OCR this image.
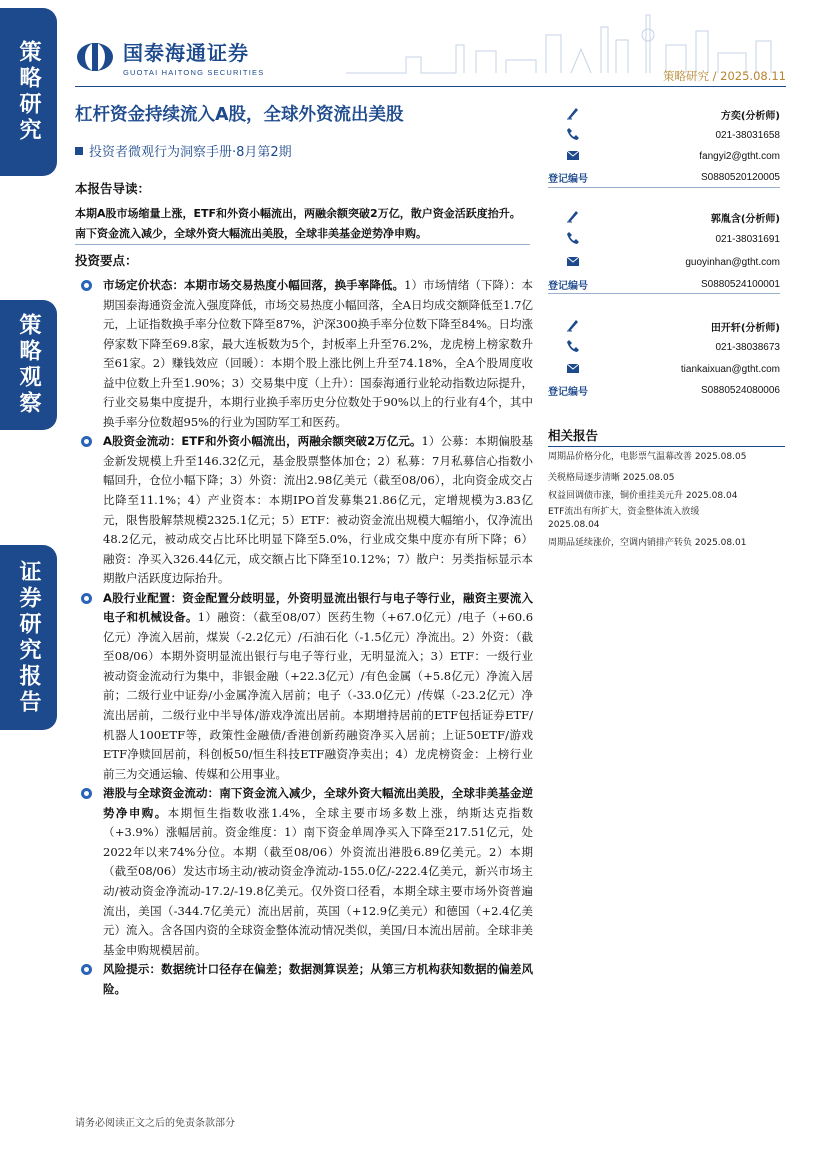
策略研究
策略观察
证券研究报告
国泰海通证券
GUOTAI HAITONG SECURITIES	策略研究 / 2025.08.11
杠杆资金持续流入A股，全球外资流出美股
投资者微观行为洞察手册·8月第2期
本报告导读：
本期A股市场缩量上涨，ETF和外资小幅流出，两融余额突破2万亿，散户资金活跃度抬升。南下资金流入减少，全球外资大幅流出美股，全球非美基金逆势净申购。
投资要点：
市场定价状态：本期市场交易热度小幅回落，换手率降低。1）市场情绪（下降）：本期国泰海通资金流入强度降低，市场交易热度小幅回落，全A日均成交额降低至1.7亿元，上证指数换手率分位数下降至87%，沪深300换手率分位数下降至84%。日均涨停家数下降至69.8家，最大连板数为5个，封板率上升至76.2%，龙虎榜上榜家数升至61家。2）赚钱效应（回暖）：本期个股上涨比例上升至74.18%，全A个股周度收益中位数上升至1.90%；3）交易集中度（上升）：国泰海通行业轮动指数边际提升，行业交易集中度提升，本期行业换手率历史分位数处于90%以上的行业有4个，其中换手率分位数超95%的行业为国防军工和医药。
A股资金流动：ETF和外资小幅流出，两融余额突破2万亿元。1）公募：本期偏股基金新发规模上升至146.32亿元，基金股票整体加仓；2）私募：7月私募信心指数小幅回升，仓位小幅下降；3）外资：流出2.98亿美元（截至08/06），北向资金成交占比降至11.1%；4）产业资本：本期IPO首发募集21.86亿元，定增规模为3.83亿元，限售股解禁规模2325.1亿元；5）ETF：被动资金流出规模大幅缩小，仅净流出48.2亿元，被动成交占比环比明显下降至5.0%，行业成交集中度亦有所下降；6）融资：净买入326.44亿元，成交额占比下降至10.12%；7）散户：另类指标显示本期散户活跃度边际抬升。
A股行业配置：资金配置分歧明显，外资明显流出银行与电子等行业，融资主要流入电子和机械设备。1）融资：（截至08/07）医药生物（+67.0亿元）/电子（+60.6亿元）净流入居前，煤炭（-2.2亿元）/石油石化（-1.5亿元）净流出。2）外资：（截至08/06）本期外资明显流出银行与电子等行业，无明显流入；3）ETF：一级行业被动资金流动行为集中，非银金融（+22.3亿元）/有色金属（+5.8亿元）净流入居前；二级行业中证券/小金属净流入居前；电子（-33.0亿元）/传媒（-23.2亿元）净流出居前，二级行业中半导体/游戏净流出居前。本期增持居前的ETF包括证券ETF/机器人100ETF等，政策性金融债/香港创新药融资净买入居前；上证50ETF/游戏ETF净赎回居前，科创板50/恒生科技ETF融资净卖出；4）龙虎榜资金：上榜行业前三为交通运输、传媒和公用事业。
港股与全球资金流动：南下资金流入减少，全球外资大幅流出美股，全球非美基金逆势净申购。本期恒生指数收涨1.4%，全球主要市场多数上涨，纳斯达克指数（+3.9%）涨幅居前。资金维度：1）南下资金单周净买入下降至217.51亿元，处2022年以来74%分位。本期（截至08/06）外资流出港股6.89亿美元。2）本期（截至08/06）发达市场主动/被动资金净流动-155.0亿/-222.4亿美元，新兴市场主动/被动资金净流动-17.2/-19.8亿美元。仅外资口径看，本期全球主要市场外资普遍流出，美国（-344.7亿美元）流出居前，英国（+12.9亿美元）和德国（+2.4亿美元）流入。含各国内资的全球资金整体流动情况类似，美国/日本流出居前。全球非美基金申购规模居前。
风险提示：数据统计口径存在偏差；数据测算误差；从第三方机构获知数据的偏差风险。
方奕(分析师)
021-38031658
fangyi2@gtht.com
登记编号	S0880520120005
郭胤含(分析师)
021-38031691
guoyinhan@gtht.com
登记编号	S0880524100001
田开轩(分析师)
021-38038673
tiankaixuan@gtht.com
登记编号	S0880524080006
相关报告
周期品价格分化，电影票气温幕改善 2025.08.05
关税格局逐步清晰 2025.08.05
权益回调债市涨，铜价重挂美元升 2025.08.04
ETF流出有所扩大，资金整体流入放缓
2025.08.04
周期品延续涨价，空调内销排产转负 2025.08.01
请务必阅读正文之后的免责条款部分
